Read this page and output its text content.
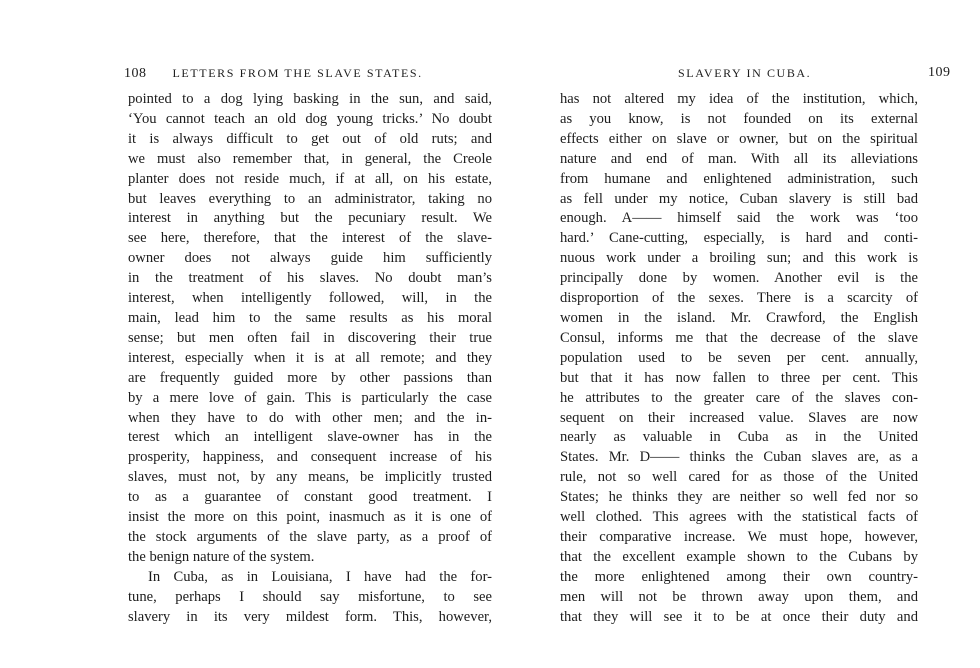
108 LETTERS FROM THE SLAVE STATES.
pointed to a dog lying basking in the sun, and said,
‘You cannot teach an old dog young tricks.’ No doubt
it is always difficult to get out of old ruts; and
we must also remember that, in general, the Creole
planter does not reside much, if at all, on his estate,
but leaves everything to an administrator, taking no
interest in anything but the pecuniary result. We
see here, therefore, that the interest of the slave-
owner does not always guide him sufficiently
in the treatment of his slaves. No doubt man’s
interest, when intelligently followed, will, in the
main, lead him to the same results as his moral
sense; but men often fail in discovering their true
interest, especially when it is at all remote; and they
are frequently guided more by other passions than
by a mere love of gain. This is particularly the case
when they have to do with other men; and the in-
terest which an intelligent slave-owner has in the
prosperity, happiness, and consequent increase of his
slaves, must not, by any means, be implicitly trusted
to as a guarantee of constant good treatment. I
insist the more on this point, inasmuch as it is one of
the stock arguments of the slave party, as a proof of
the benign nature of the system.
In Cuba, as in Louisiana, I have had the for-
tune, perhaps I should say misfortune, to see
slavery in its very mildest form. This, however,
SLAVERY IN CUBA.	109
has not altered my idea of the institution, which,
as you know, is not founded on its external
effects either on slave or owner, but on the spiritual
nature and end of man. With all its alleviations
from humane and enlightened administration, such
as fell under my notice, Cuban slavery is still bad
enough. A—— himself said the work was ‘too
hard.’ Cane-cutting, especially, is hard and conti-
nuous work under a broiling sun; and this work is
principally done by women. Another evil is the
disproportion of the sexes. There is a scarcity of
women in the island. Mr. Crawford, the English
Consul, informs me that the decrease of the slave
population used to be seven per cent. annually,
but that it has now fallen to three per cent. This
he attributes to the greater care of the slaves con-
sequent on their increased value. Slaves are now
nearly as valuable in Cuba as in the United
States. Mr. D—— thinks the Cuban slaves are, as a
rule, not so well cared for as those of the United
States; he thinks they are neither so well fed nor so
well clothed. This agrees with the statistical facts of
their comparative increase. We must hope, however,
that the excellent example shown to the Cubans by
the more enlightened among their own country-
men will not be thrown away upon them, and
that they will see it to be at once their duty and
